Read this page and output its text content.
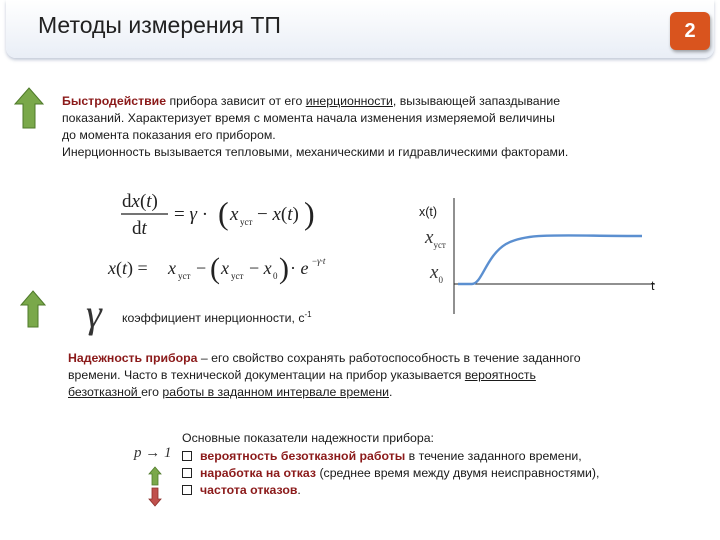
Методы измерения ТП	2
Быстродействие прибора зависит от его инерционности, вызывающей запаздывание
показаний. Характеризует время с момента начала изменения измеряемой величины
до момента показания его прибором.
Инерционность вызывается тепловыми, механическими и гидравлическими факторами.
dx(t)
dt
= γ · ( x уст − x(t) )
x(t) = x уст − ( x уст − x 0 ) · e −γ·t
x(t)
t
$x_{уст}$
$x_0$
γ коэффициент инерционности, $с^{-1}$
Надежность прибора – его свойство сохранять работоспособность в течение заданного
времени. Часто в технической документации на прибор указывается вероятность
безотказной его работы в заданном интервале времени.
Основные показатели надежности прибора:
p → 1	вероятность безотказной работы в течение заданного времени,
наработка на отказ (среднее время между двумя неисправностями),
частота отказов.
